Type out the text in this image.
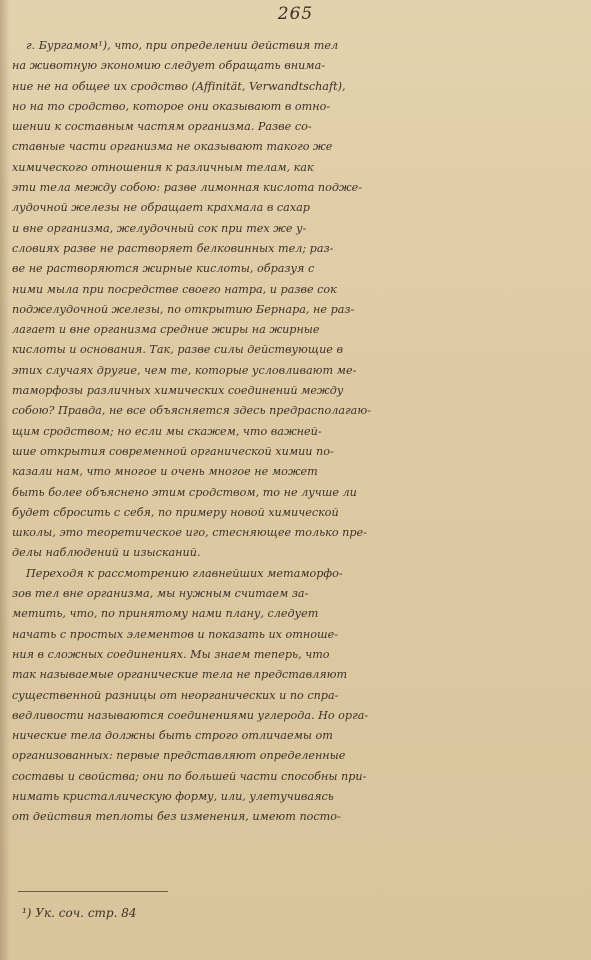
265
г. Бургамом¹), что, при определении действия тел
на животную экономию следует обращать внима-
ние не на общее их сродство (Affinität, Verwandtschaft),
но на то сродство, которое они оказывают в отно-
шении к составным частям организма. Разве со-
ставные части организма не оказывают такого же
химического отношения к различным телам, как
эти тела между собою: разве лимонная кислота подже-
лудочной железы не обращает крахмала в сахар
и вне организма, желудочный сок при тех же у-
словиях разве не растворяет белковинных тел; раз-
ве не растворяются жирные кислоты, образуя с
ними мыла при посредстве своего натра, и разве сок
поджелудочной железы, по открытию Бернара, не раз-
лагает и вне организма средние жиры на жирные
кислоты и основания. Так, разве силы действующие в
этих случаях другие, чем те, которые условливают ме-
таморфозы различных химических соединений между
собою? Правда, не все объясняется здесь предрасполагаю-
щим сродством; но если мы скажем, что важней-
шие открытия современной органической химии по-
казали нам, что многое и очень многое не может
быть более объяснено этим сродством, то не лучше ли
будет сбросить с себя, по примеру новой химической
школы, это теоретическое иго, стесняющее только пре-
делы наблюдений и изысканий.
Переходя к рассмотрению главнейших метаморфо-
зов тел вне организма, мы нужным считаем за-
метить, что, по принятому нами плану, следует
начать с простых элементов и показать их отноше-
ния в сложных соединениях. Мы знаем теперь, что
так называемые органические тела не представляют
существенной разницы от неорганических и по спра-
ведливости называются соединениями углерода. Но орга-
нические тела должны быть строго отличаемы от
организованных: первые представляют определенные
составы и свойства; они по большей части способны при-
нимать кристаллическую форму, или, улетучиваясь
от действия теплоты без изменения, имеют посто-
¹) Ук. соч. стр. 84
